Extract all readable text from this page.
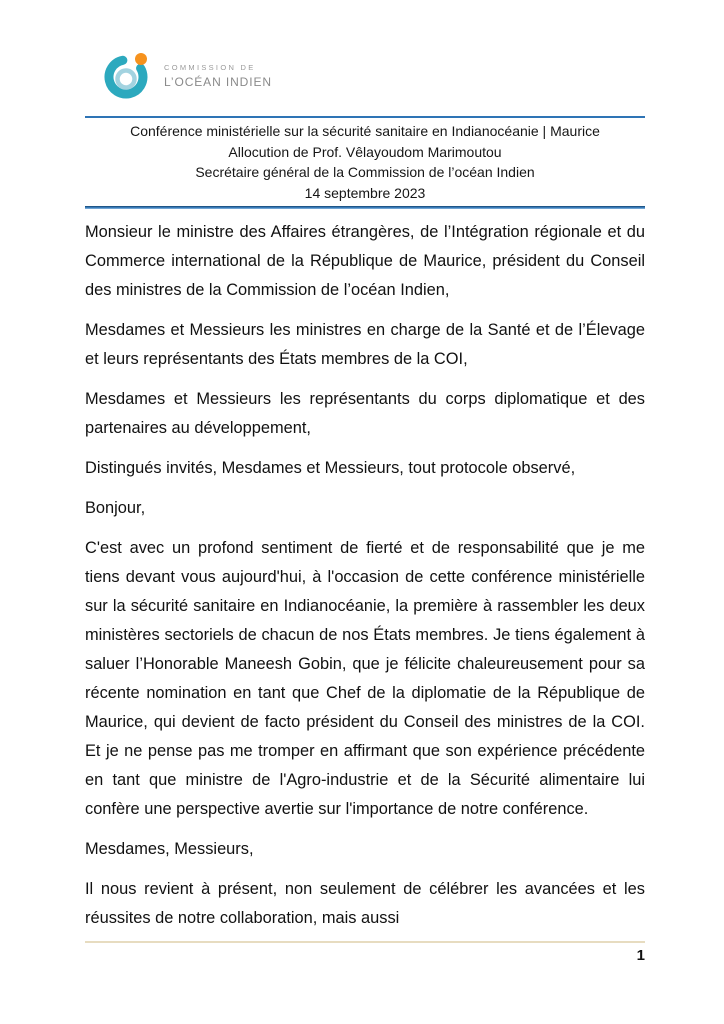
COMMISSION DE
L’OCÉAN INDIEN
Conférence ministérielle sur la sécurité sanitaire en Indianocéanie | Maurice
Allocution de Prof. Vêlayoudom Marimoutou
Secrétaire général de la Commission de l’océan Indien
14 septembre 2023

Monsieur le ministre des Affaires étrangères, de l’Intégration régionale et du Commerce international de la République de Maurice, président du Conseil des ministres de la Commission de l’océan Indien,

Mesdames et Messieurs les ministres en charge de la Santé et de l’Élevage et leurs représentants des États membres de la COI,

Mesdames et Messieurs les représentants du corps diplomatique et des partenaires au développement,

Distingués invités, Mesdames et Messieurs, tout protocole observé,

Bonjour,

C'est avec un profond sentiment de fierté et de responsabilité que je me tiens devant vous aujourd'hui, à l'occasion de cette conférence ministérielle sur la sécurité sanitaire en Indianocéanie, la première à rassembler les deux ministères sectoriels de chacun de nos États membres. Je tiens également à saluer l’Honorable Maneesh Gobin, que je félicite chaleureusement pour sa récente nomination en tant que Chef de la diplomatie de la République de Maurice, qui devient de facto président du Conseil des ministres de la COI. Et je ne pense pas me tromper en affirmant que son expérience précédente en tant que ministre de l'Agro-industrie et de la Sécurité alimentaire lui confère une perspective avertie sur l'importance de notre conférence.

Mesdames, Messieurs,

Il nous revient à présent, non seulement de célébrer les avancées et les réussites de notre collaboration, mais aussi

1
